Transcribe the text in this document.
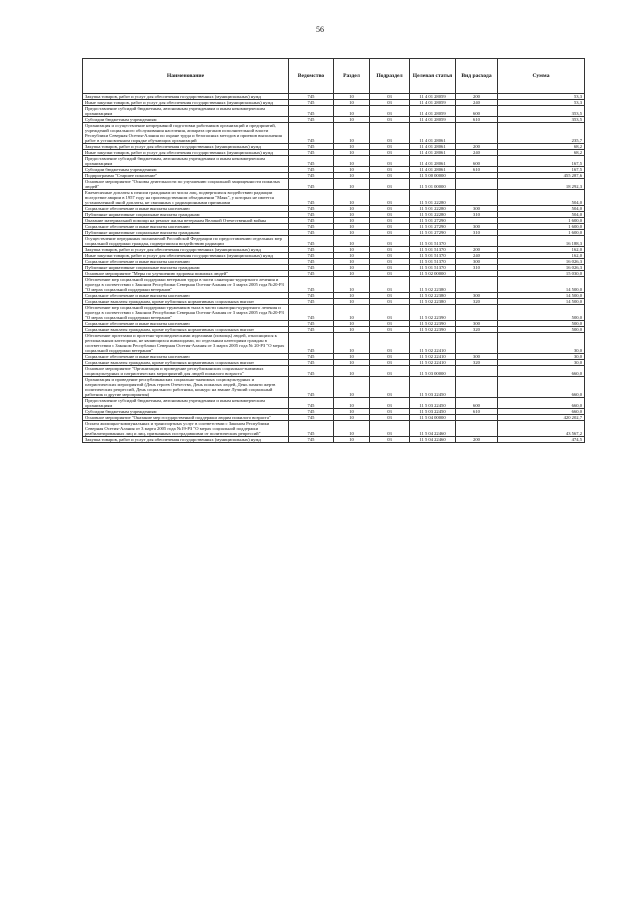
56
Наименование	Ведомство	Раздел	Подраздел	Целевая статья	Вид расхода	Сумма
Закупка товаров, работ и услуг для обеспечения государственных (муниципальных) нужд	745	10	03	11 4 01 28059	200	53,3
Иные закупки товаров, работ и услуг для обеспечения государственных (муниципальных) нужд	745	10	03	11 4 01 28059	240	53,3
Предоставление субсидий бюджетным, автономным учреждениям и иным некоммерческим организациям	745	10	03	11 4 01 28059	600	353,5
Субсидии бюджетным учреждениям	745	10	03	11 4 01 28059	610	353,5
Организация и осуществление непрерывной подготовки работников организаций и предприятий, учреждений социального обслуживания населения, аппарата органов исполнительной власти Республики Северная Осетия-Алания по охране труда и безопасных методов и приемов выполнения работ в установленном порядке обучающих организаций	745	10	03	11 4 01 28061		235,7
Закупка товаров, работ и услуг для обеспечения государственных (муниципальных) нужд	745	10	03	11 4 01 28061	200	68,2
Иные закупки товаров, работ и услуг для обеспечения государственных (муниципальных) нужд	745	10	03	11 4 01 28061	240	68,2
Предоставление субсидий бюджетным, автономным учреждениям и иным некоммерческим организациям	745	10	03	11 4 01 28061	600	167,5
Субсидии бюджетным учреждениям	745	10	03	11 4 01 28061	610	167,5
Подпрограмма "Старшее поколение"	745	10	03	11 5 00 00000		455 287,6
Основное мероприятие "Основы деятельности по улучшению социальной защищенности пожилых людей"	745	10	03	11 5 01 00000		18 292,3
Ежемесячные доплаты к пенсии гражданам из числа лиц, подвергшихся воздействию радиации вследствие аварии в 1957 году на производственном объединении "Маяк", у которых не имеется установленной иной доплаты, не связанных с радиационными причинами	745	10	03	11 5 01 22280		504,0
Социальное обеспечение и иные выплаты населению	745	10	03	11 5 01 22280	300	504,0
Публичные нормативные социальные выплаты гражданам	745	10	03	11 5 01 22280	310	504,0
Оказание материальной помощи на ремонт жилья ветеранам Великой Отечественной войны	745	10	03	11 5 01 27290		1 600,0
Социальное обеспечение и иные выплаты населению	745	10	03	11 5 01 27290	300	1 600,0
Публичные нормативные социальные выплаты гражданам	745	10	03	11 5 01 27290	310	1 600,0
Осуществление переданных полномочий Российской Федерации по предоставлению отдельных мер социальной поддержки граждан, подвергшихся воздействию радиации	745	10	03	11 5 01 51370		16 188,3
Закупка товаров, работ и услуг для обеспечения государственных (муниципальных) нужд	745	10	03	11 5 01 51370	200	162,0
Иные закупки товаров, работ и услуг для обеспечения государственных (муниципальных) нужд	745	10	03	11 5 01 51370	240	162,0
Социальное обеспечение и иные выплаты населению	745	10	03	11 5 01 51370	300	16 026,3
Публичные нормативные социальные выплаты гражданам	745	10	03	11 5 01 51370	310	16 026,3
Основное мероприятие "Меры по улучшению здоровья пожилых людей"	745	10	03	11 5 02 00000		15 030,0
Обеспечение мер социальной поддержки ветеранов труда в части санаторно-курортного лечения и проезда в соответствии с Законом Республики Северная Осетия-Алания от 3 марта 2005 года №20-РЗ "О мерах социальной поддержки ветеранов"	745	10	03	11 5 02 22380		14 500,0
Социальное обеспечение и иные выплаты населению	745	10	03	11 5 02 22380	300	14 500,0
Социальные выплаты гражданам, кроме публичных нормативных социальных выплат	745	10	03	11 5 02 22380	320	14 500,0
Обеспечение мер социальной поддержки тружеников тыла в части санаторно-курортного лечения и проезда в соответствии с Законом Республики Северная Осетия-Алания от 3 марта 2005 года №20-РЗ "О мерах социальной поддержки ветеранов"	745	10	03	11 5 02 22390		500,0
Социальное обеспечение и иные выплаты населению	745	10	03	11 5 02 22390	300	500,0
Социальные выплаты гражданам, кроме публичных нормативных социальных выплат	745	10	03	11 5 02 22390	320	500,0
Обеспечение протезами и протезно-ортопедическими изделиями (помощь) людей, относящихся к региональным категориям, не являющихся инвалидами, по отдельным категориям граждан в соответствии с Законом Республики Северная Осетия-Алания от 3 марта 2005 года № 20-РЗ "О мерах социальной поддержки ветеранов"	745	10	03	11 5 02 22410		30,0
Социальное обеспечение и иные выплаты населению	745	10	03	11 5 02 22410	300	30,0
Социальные выплаты гражданам, кроме публичных нормативных социальных выплат	745	10	03	11 5 02 22410	320	30,0
Основное мероприятие "Организация и проведение республиканских социально-значимых социокультурных и патриотических мероприятий для людей пожилого возраста"	745	10	03	11 5 03 00000		660,0
Организация и проведение республиканских социально-значимых социокультурных и патриотических мероприятий (День героев Отечества, День пожилых людей, День памяти жертв политических репрессий, День социального работника, конкурс на звание Лучший социальный работник и другие мероприятия)	745	10	03	11 5 03 22450		660,0
Предоставление субсидий бюджетным, автономным учреждениям и иным некоммерческим организациям	745	10	03	11 5 03 22450	600	660,0
Субсидии бюджетным учреждениям	745	10	03	11 5 03 22450	610	660,0
Основное мероприятие "Оказание мер государственной поддержки людям пожилого возраста"	745	10	03	11 5 04 00000		420 202,7
Оплата жилищно-коммунальных и транспортных услуг в соответствии с Законом Республики Северная Осетия-Алания от 3 марта 2005 года №19-РЗ "О мерах социальной поддержки реабилитированных лиц и лиц, признанных пострадавшими от политических репрессий"	745	10	03	11 5 04 22460		43 567,2
Закупка товаров, работ и услуг для обеспечения государственных (муниципальных) нужд	745	10	03	11 5 04 22460	200	474,5
